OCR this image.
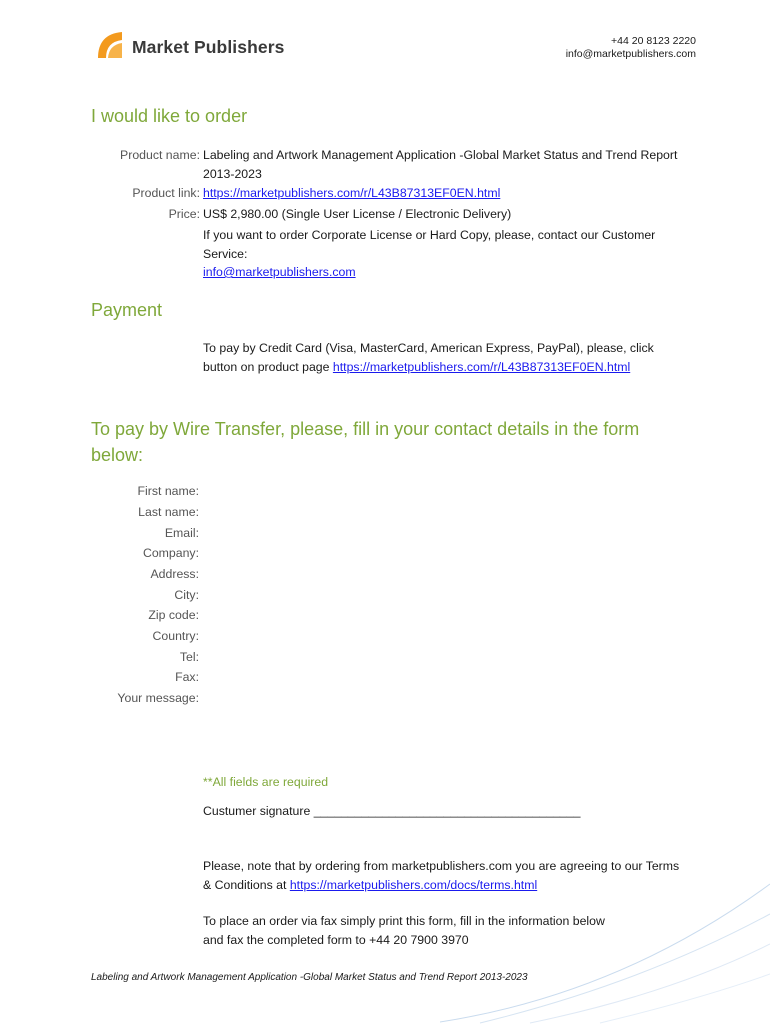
Market Publishers	+44 20 8123 2220
info@marketpublishers.com
I would like to order
Product name: Labeling and Artwork Management Application -Global Market Status and Trend Report
2013-2023
Product link: https://marketpublishers.com/r/L43B87313EF0EN.html
Price: US$ 2,980.00 (Single User License / Electronic Delivery)
If you want to order Corporate License or Hard Copy, please, contact our Customer
Service:
info@marketpublishers.com
Payment
To pay by Credit Card (Visa, MasterCard, American Express, PayPal), please, click
button on product page https://marketpublishers.com/r/L43B87313EF0EN.html
To pay by Wire Transfer, please, fill in your contact details in the form
below:
First name:
Last name:
Email:
Company:
Address:
City:
Zip code:
Country:
Tel:
Fax:
Your message:
**All fields are required
Custumer signature _______________________________________
Please, note that by ordering from marketpublishers.com you are agreeing to our Terms
& Conditions at https://marketpublishers.com/docs/terms.html
To place an order via fax simply print this form, fill in the information below
and fax the completed form to +44 20 7900 3970
Labeling and Artwork Management Application -Global Market Status and Trend Report 2013-2023
